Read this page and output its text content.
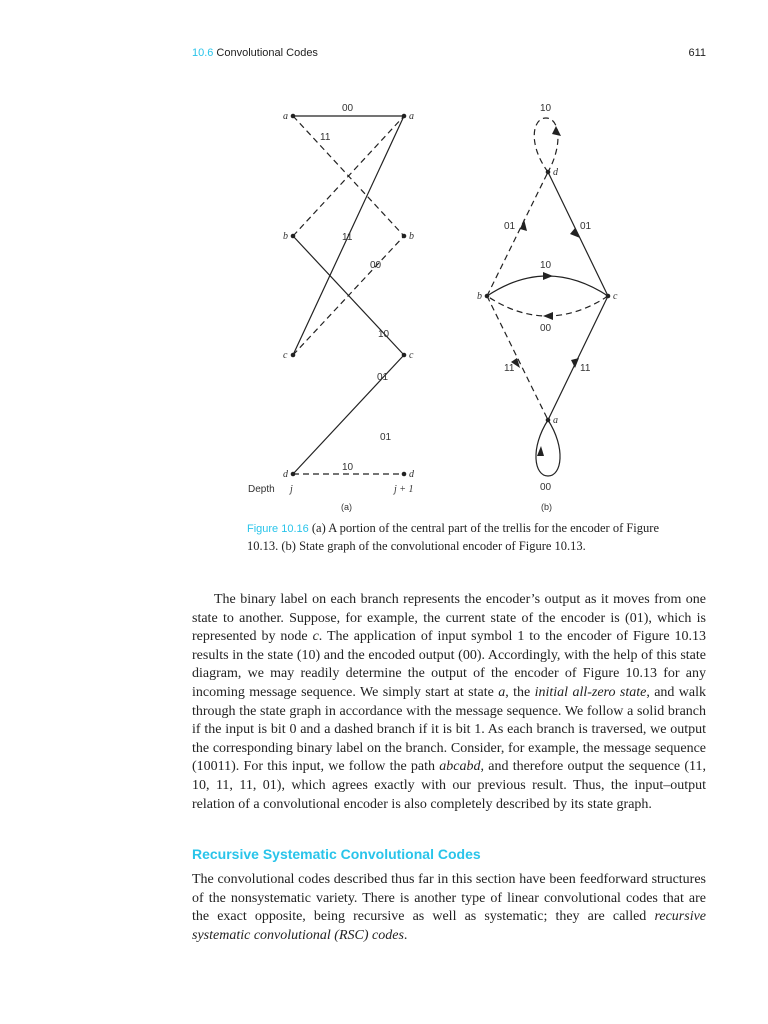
10.6 Convolutional Codes	611
a
b
c
d
a
b
c
d
00
11
11
00
10
01
01
10
Depth j	j + 1
(a)
d
b	c
a
10
01	01
10
00
11	11
00
(b)
Figure 10.16 (a) A portion of the central part of the trellis for the encoder of Figure 10.13. (b) State graph of the convolutional encoder of Figure 10.13.
The binary label on each branch represents the encoder’s output as it moves from one state to another. Suppose, for example, the current state of the encoder is (01), which is represented by node c. The application of input symbol 1 to the encoder of Figure 10.13 results in the state (10) and the encoded output (00). Accordingly, with the help of this state diagram, we may readily determine the output of the encoder of Figure 10.13 for any incoming message sequence. We simply start at state a, the initial all-zero state, and walk through the state graph in accordance with the message sequence. We follow a solid branch if the input is bit 0 and a dashed branch if it is bit 1. As each branch is traversed, we output the corresponding binary label on the branch. Consider, for example, the message sequence (10011). For this input, we follow the path abcabd, and therefore output the sequence (11, 10, 11, 11, 01), which agrees exactly with our previous result. Thus, the input–output relation of a convolutional encoder is also completely described by its state graph.
Recursive Systematic Convolutional Codes
The convolutional codes described thus far in this section have been feedforward structures of the nonsystematic variety. There is another type of linear convolutional codes that are the exact opposite, being recursive as well as systematic; they are called recursive systematic convolutional (RSC) codes.
